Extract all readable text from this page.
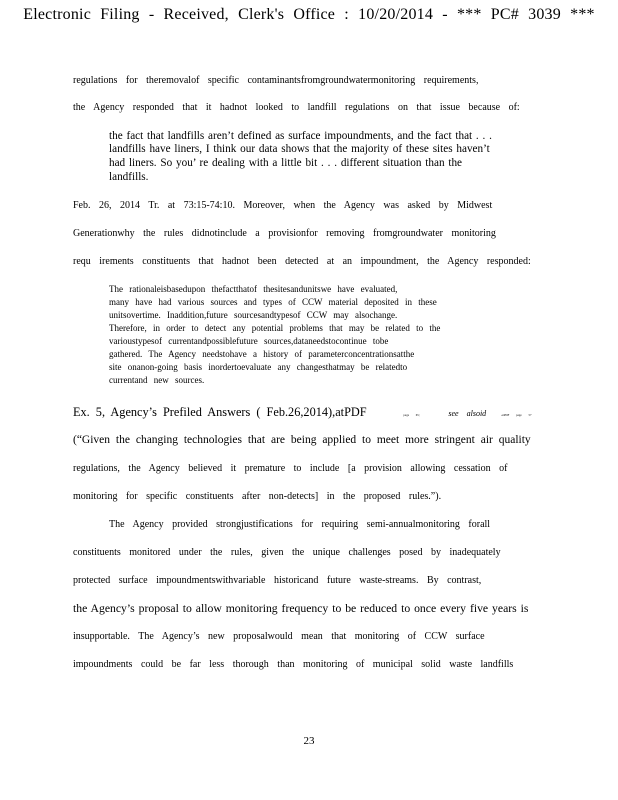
Electronic Filing - Received, Clerk's Office : 10/20/2014 - *** PC# 3039 ***
regulations for theremovalof specific contaminantsfromgroundwatermonitoring requirements,
the Agency responded that it hadnot looked to landfill regulations on that issue because of:
the fact that landfills aren’t defined as surface impoundments, and the fact that . . .
landfills have liners, I think our data shows that the majority of these sites haven’t
had liners. So you’ re dealing with a little bit . . . different situation than the
landfills.
Feb. 26, 2014 Tr. at 73:15-74:10. Moreover, when the Agency was asked by Midwest
Generationwhy the rules didnotinclude a provisionfor removing fromgroundwater monitoring
requ irements constituents that hadnot been detected at an impoundment, the Agency responded:
The rationaleisbasedupon thefactthatof thesitesandunitswe have evaluated,
many have had various sources and types of CCW material deposited in these
unitsovertime. Inaddition,future sourcesandtypesof CCW may alsochange.
Therefore, in order to detect any potential problems that may be related to the
varioustypesof currentandpossiblefuture sources,dataneedstocontinue tobe
gathered. The Agency needstohave a history of parameterconcentrationsatthe
site onanon-going basis inordertoevaluate any changesthatmay be relatedto
currentand new sources.
Ex. 5, Agency’s Prefiled Answers ( Feb.26,2014),atPDF	page 65;	see alsoid	.atPDF page 57
(“Given the changing technologies that are being applied to meet more stringent air quality
regulations, the Agency believed it premature to include [a provision allowing cessation of
monitoring for specific constituents after non-detects] in the proposed rules.”).
The Agency provided strongjustifications for requiring semi-annualmonitoring forall
constituents monitored under the rules, given the unique challenges posed by inadequately
protected surface impoundmentswithvariable historicand future waste-streams. By contrast,
the Agency’s proposal to allow monitoring frequency to be reduced to once every five years is
insupportable. The Agency’s new proposalwould mean that monitoring of CCW surface
impoundments could be far less thorough than monitoring of municipal solid waste landfills
23
